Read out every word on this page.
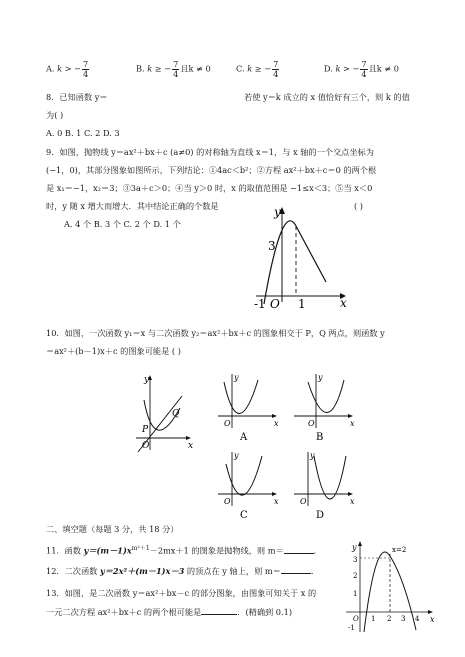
A. k > − $\frac{7}{4}$	B. k ≥ − $\frac{7}{4}$ 且k ≠ 0	C. k ≥ − $\frac{7}{4}$	D. k > − $\frac{7}{4}$ 且k ≠ 0
8．已知函数 y＝	若使 y＝k 成立的 x 值恰好有三个，则 k 的值
为( )
A. 0 B. 1 C. 2 D. 3
9．如图，抛物线 y＝ax²＋bx＋c (a≠0) 的对称轴为直线 x＝1，与 x 轴的一个交点坐标为
(−1，0)，其部分图象如图所示，下列结论：①4ac＜b²；②方程 ax²＋bx＋c＝0 的两个根
是 x₁＝−1，x₂＝3；③3a＋c＞0；④当 y＞0 时，x 的取值范围是 −1≤x＜3；⑤当 x＜0
时，y 随 x 增大而增大．其中结论正确的个数是	( )
A. 4 个 B. 3 个 C. 2 个 D. 1 个
y
x
3
-1 O 1
10．如图，一次函数 y₁＝x 与二次函数 y₂＝ax²＋bx＋c 的图象相交于 P，Q 两点，则函数 y
＝ax²＋(b－1)x＋c 的图象可能是 ( )
y
x
O
P
Q
y
x
O
A
y
x
O
B
y
x
O
C
y
x
O
D
二、填空题（每题 3 分，共 18 分）
11．函数 $y=(m-1)x^{m^2+1}-2mx+1$ 的图象是抛物线，则 m＝	.
12．二次函数 y＝2x²＋(m－1)x－3 的顶点在 y 轴上，则 m＝	.
13．如图，是二次函数 y＝ax²＋bx－c 的部分图象，由图象可知关于 x 的
一元二次方程 ax²＋bx＋c 的两个根可能是	．(精确到 0.1)
y
x
x=2
3
2
1
-1
O 1 2 3 4
